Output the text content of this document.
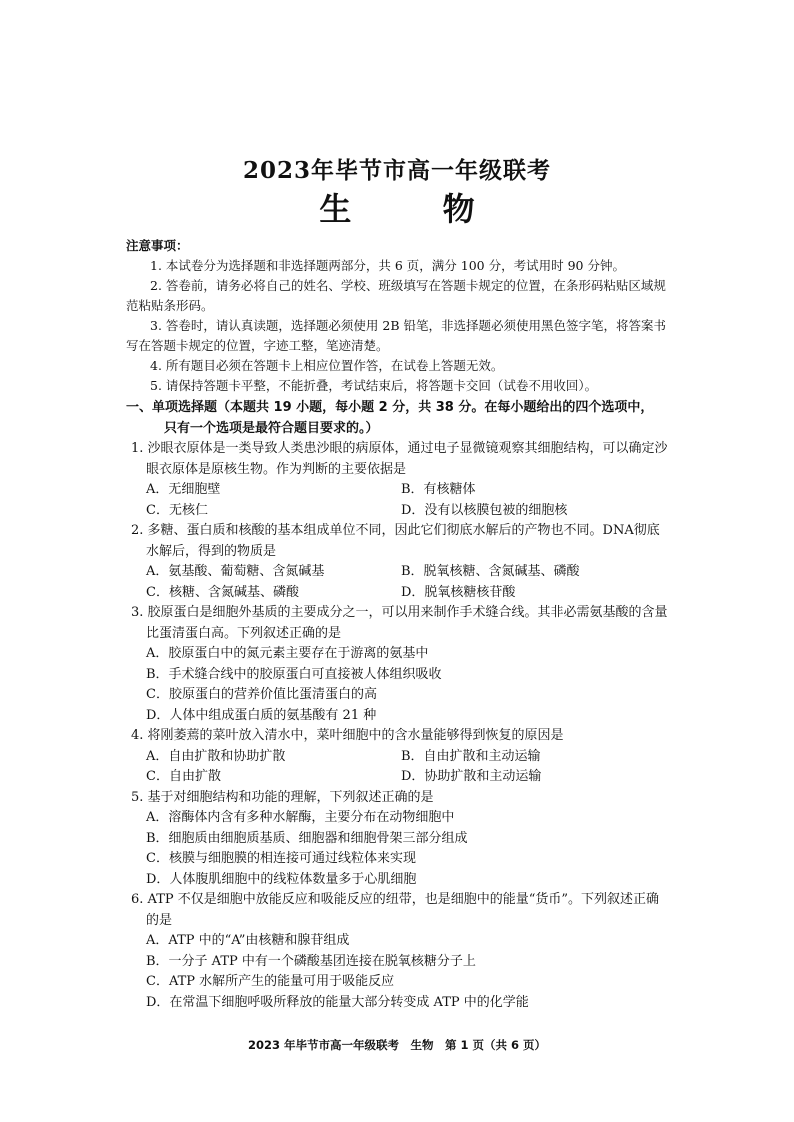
2023年毕节市高一年级联考
生 物
注意事项：
1. 本试卷分为选择题和非选择题两部分，共 6 页，满分 100 分，考试用时 90 分钟。
2. 答卷前，请务必将自己的姓名、学校、班级填写在答题卡规定的位置，在条形码粘贴区域规范粘贴条形码。
3. 答卷时，请认真读题，选择题必须使用 2B 铅笔，非选择题必须使用黑色签字笔，将答案书写在答题卡规定的位置，字迹工整，笔迹清楚。
4. 所有题目必须在答题卡上相应位置作答，在试卷上答题无效。
5. 请保持答题卡平整，不能折叠，考试结束后，将答题卡交回（试卷不用收回）。
一、单项选择题（本题共 19 小题，每小题 2 分，共 38 分。在每小题给出的四个选项中，
只有一个选项是最符合题目要求的。）
1. 沙眼衣原体是一类导致人类患沙眼的病原体，通过电子显微镜观察其细胞结构，可以确定沙眼衣原体是原核生物。作为判断的主要依据是
A．无细胞壁	B．有核糖体
C．无核仁	D．没有以核膜包被的细胞核
2. 多糖、蛋白质和核酸的基本组成单位不同，因此它们彻底水解后的产物也不同。DNA彻底水解后，得到的物质是
A．氨基酸、葡萄糖、含氮碱基	B．脱氧核糖、含氮碱基、磷酸
C．核糖、含氮碱基、磷酸	D．脱氧核糖核苷酸
3. 胶原蛋白是细胞外基质的主要成分之一，可以用来制作手术缝合线。其非必需氨基酸的含量比蛋清蛋白高。下列叙述正确的是
A．胶原蛋白中的氮元素主要存在于游离的氨基中
B．手术缝合线中的胶原蛋白可直接被人体组织吸收
C．胶原蛋白的营养价值比蛋清蛋白的高
D．人体中组成蛋白质的氨基酸有 21 种
4. 将刚萎蔫的菜叶放入清水中，菜叶细胞中的含水量能够得到恢复的原因是
A．自由扩散和协助扩散	B．自由扩散和主动运输
C．自由扩散	D．协助扩散和主动运输
5. 基于对细胞结构和功能的理解，下列叙述正确的是
A．溶酶体内含有多种水解酶，主要分布在动物细胞中
B．细胞质由细胞质基质、细胞器和细胞骨架三部分组成
C．核膜与细胞膜的相连接可通过线粒体来实现
D．人体腹肌细胞中的线粒体数量多于心肌细胞
6. ATP 不仅是细胞中放能反应和吸能反应的纽带，也是细胞中的能量“货币”。下列叙述正确的是
A．ATP 中的“A”由核糖和腺苷组成
B．一分子 ATP 中有一个磷酸基团连接在脱氧核糖分子上
C．ATP 水解所产生的能量可用于吸能反应
D．在常温下细胞呼吸所释放的能量大部分转变成 ATP 中的化学能
2023 年毕节市高一年级联考　生物　第 1 页（共 6 页）
